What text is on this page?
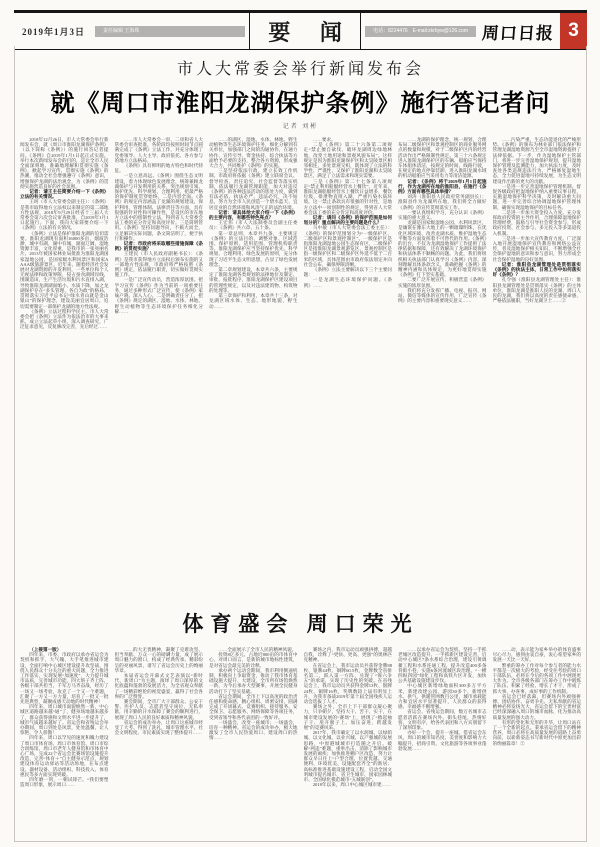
2019年1月3日	责任编辑 王海珠	要 闻	电话：8224476　E-mail:zkrbyw@126.com 周口日报 3
市人大常委会举行新闻发布会
就《周口市淮阳龙湖保护条例》施行答记者问
记者 刘彬

2018年12月26日，市人大常委会举行新闻发布会，就《周口市淮阳龙湖保护条例》（以下简称《条例》）的施行回答记者提问。《条例》自2019年1月1日起正式实施。举行本次新闻发布会的目的，是让全市人民全面深刻地、准确地理解和贯彻实施《条例》，掀起学习宣传、贯彻实施《条例》的热潮，推动全社会增强遵守《条例》意识，增强保护龙湖的法治观念，为《条例》的贯彻实施营造良好的社会氛围。

记者：请王主任简要介绍一下《条例》立法的有关情况。

王珂（市人大常委会副主任）：《条例》是我市取得地方立法权以来制定的第二部地方性法规，2018年9月29日经省十三届人大常委会第六次会议审查批准，自2019年1月1日起施行。下面，我向大家简要介绍一下《条例》立法的有关情况。

《条例》立法是保护淮阳龙湖的迫切需要。淮阳龙湖现有面积16000多亩，烟波浩渺，城中有湖，湖中有城，湖面辽阔，湿地资源丰富，文化厚重，是我市的一张亮丽名片。2013年被国家林业局批准为淮阳龙湖国家湿地公园，是国家级水利风景区和国家AAAA级旅游景区。近年来，随着经济社会发展对龙湖资源的开发利用，一些单位和个人无视法律和政策界限，侵占蚕食湖域岸线，围湖造田，生产生活垃圾和污水直排入湖，导致淮阳龙湖湖面缩小、水质下降，加之龙湖保护存在“多头管理、各自为政”的格局，贯彻落实习近平总书记“绿水青山就是金山银山”的保护理念，建设美丽宜居周口，迫切需要制定一部保护龙湖的地方性法规。

《条例》立法过程科学民主。市人大常委会把《条例》立法作为依法治市的大事来抓，成立立法起草小组，深入调查研究，广泛征求意见，反复修改完善，先后经过……

……市人大常委会一审、二审和省人大常委会审查批准，各阶段均按照时间节点圆满完成了《条例》立法工作，并充分体现了党委领导、人大主导、政府依托、各方参与的地方立法格局。

《条例》具有鲜明的地方特色和时代特征。

一是立意高远。《条例》围绕生态文明建设，着力体现绿色发展理念，统筹兼顾龙湖保护与开发利用的关系，突出规划引领、保护优先、科学规划、合理利用，把最严格的保护制度贯穿始终。二是内容全面。《条例》的规定内容涵盖了龙湖的规划建设、保护利用、管理体制、法律责任等方面，具有很强的针对性和可操作性，是设区的市在地方立法中的创制性立法，得到省人大常委会法工委的充分肯定和高度评价。三是简明管用。《条例》坚持问题导向，不搞大而全，立足解决实际问题，条文简洁明了，便于执行和操作。

记者：市政府将采取哪些措施保障《条例》的贯彻实施？

王建民（市人民政府副秘书长）：《条例》是我市获得地方立法权后颁布实施的又一部地方性法规，市政府将严格按照《条例》规定，依法履行职责，切实做好贯彻实施工作。

一是广泛宣传动员，营造浓厚氛围。把学习宣传《条例》作为当前的一项重要任务，通过多种形式广泛宣传，使《条例》家喻户晓、深入人心。二是明确责任分工，把《条例》规定的湖区、湿地、水体、林地、野生动植物等生态环境保护任务细化分解……

……的湖区、湿地、水体、林地、野生动植物等生态环境保护任务，细化分解到有关单位，加强部门之间的沟通协作，在通力协作、宣传引导、资金扶持、综合执法等方面给予必要的支持，整合各方资源，形成强大合力，共同维护《条例》的实施。

三是坚持依法行政，建立长效工作机制。市政府将依据《条例》建立联席会议、督导检查、责任追究、社会监督等落实机制，依法履行龙湖管理职能，加大对违反《条例》的各种违法活动的惩处力度，做到有法必依、执法必严、违法必究，决不姑息，努力为全市人民创造一个碧水蓝天、宜居宜业的自然环境和风清气正的法治环境。

记者：请具体给大家介绍一下《条例》的主要内容，有哪些特色亮点？

王宏伟（市人大法制委员会副主任委员）：《条例》共六章、五十条。

第一章总则，本章共九条，主要规定《条例》的立法目的、调整对象、区域范围、保护原则、适用范围、管理机构职责等。淮阳龙湖保护应当坚持保护优先、科学规划、合理利用、绿色发展的原则，充分体现了习近平生态文明思想，凸显了绿色发展理念。

第二章规划建设，本章共六条，主要规定了淮阳龙湖各类规划的法律地位及制定、审批、报批程序，淮阳龙湖保护区建设项目的管理性规定，以及对违法建筑物、构筑物的处理等。

第三章保护和利用，本章共十三条，对龙湖区域水体、生态、地形地貌、野生动……

……要求。

二是《条例》第二十六条第二项规定“禁止擅自砍伐、破坏龙湖周边绿地林地，改变土地用途和景观风貌布局”。这样规定是因为淮阳龙湖保护区和太昊陵景区相邻相连，多处景观交织，既体现了立法的科学性、严谨性，又保护了淮阳龙湖和太昊陵景区，满足了立法需求和现实需要。

三是《条例》第二十七条第八项规定“禁止利用船艇经营水上餐饮”。近年来，淮阳龙湖船艇经营水上餐饮日益增多，餐饮垃圾、排泄物直排入湖，严重污染水质环境。这一禁止条款具有很强的针对性，是地方立法中一项创制性的规定，得到省人大常委会法工委的充分肯定和高度评价。

记者：请问《条例》的保护范围是如何划分的？重点解决的主要问题是什么？

马中敏（市人大常委会法工委主任）：《条例》的保护范围划分为“一级保护区、二级保护区和景观控制区”。一级保护区是指淮阳龙湖湿地公园生态保育区，二级保护区是指淮阳龙湖景观游览区，景观控制区是指一级保护区和二级保护区外延不低于二百米的区域，具体范围由市政府依法划定并向社会公布，确保界限清晰。

《条例》立法主要解决以下三个主要问题：

一是龙湖生态环境保护问题。《条例》……

……龙湖的保护理念，统一规划，合理布局二级保护区和景观控制区的商业服务网点的数量和规模，对于二级保护区内的经营活动作出严格限制性规定。第三十六条规定进入淮阳龙湖保护区的车辆、船舶应当保持车体船体清洁，按规定的时间、线路行驶，在规定的地点停靠装卸，进入淮阳龙湖水域的机动船舶应当采用电力等清洁能源。

记者：《条例》将于2019年1月1日起施行，作为龙湖所在地的淮阳县，在施行《条例》方面有哪些具体举措？

刘涛（淮阳县人民政府常务副县长）：淮阳县作为龙湖所在地，我们将全力做好《条例》的宣传贯彻落实工作。

一要认真组织学习，充分认识《条例》实施的重大意义。

龙湖是国家级湿地公园、水利风景区，是镶嵌在豫东大地上的一颗璀璨明珠，在优化区域环境、改善龙湖水质、维护湿地生态平衡等方面发挥着不可替代的作用。《条例》的出台，不仅为龙湖湿地保护工作提供了法律依据和保障，还有效解决了龙湖环境保护和执法体系不顺畅的问题。为此，我们将组织相关执法部门认真学习《条例》内容，深刻理解具体条款含义，准确把握《条例》的精神内涵和具体规定，为更好地贯彻实施《条例》打下坚实基础。

二要广泛开展宣传，积极营造《条例》实施的浓厚氛围。

我们将充分发挥广播、电视、报刊、网站、微信等媒体的宣传作用，广泛宣传《条例》的主要内容和重要现实意义……

……污染严重、生态功能退化的严峻形势。《条例》的颁布为林业部门依法保护和管理龙湖湿地资源乃至全市湿地资源提供了法律依据。下一步，作为湿地保护主管部门，将进一步完善湿地保护规划，提升湿地保护管理及监测能力，加大执法力度，及时查处各类违规违法行为，严格修复湿地生态，全力促进湿地可持续发展，为生态文明建设作出新的更大的贡献。

一是进一步完善湿地保护管理机制。督促各级政府把湿地保护纳入重要议事日程，实施湿地保护科学决策，及时解决重大问题，进一步完善综合协调湿地保护管理体制，确保实现湿地保护的目标任务。

二是进一步加大资金投入力度。充分发挥政府投资的主导作用，合理保障湿地保护管理经费，鼓励与引导社会资金参与，形成政府投资、社会参与、多元投入等多渠道投入机制。

三是进一步加大宣传教育力度。广泛深入地开展湿地保护宣传教育和网络公益宣传，普及湿地保护相关知识，不断增强全社会保护湿地的意识和参与意识，努力形成全社会保护湿地的良好氛围。

记者：淮阳县龙湖管理处是贯彻落实《条例》的执法主体，日常工作中如何落实好《条例》？

孔令强（淮阳县龙湖管理处主任）：淮阳县龙湖管理处是贯彻落实《条例》的主体单位，淮阳龙湖是淮阳人民的龙湖、周口人民的龙湖，我们将以高度的责任感使命感，严格依法履职，当好龙湖卫士……②

体育盛会 周口荣光

（上接第一版）

四年来，市委、市政府以承办省运会为契机和抓手，大气魄、大手笔推进城市建设，全面打响中心城区建设提升攻坚战，围绕人民群众十分关注的重大问题，全力推进工作落实，实现发展“加速度”，大力提升城市品质，完善城市功能。四大班子齐上阵，各级干部共担当，千军万马齐奋战，经历了一场又一场考验，攻克了一个又一个难题，汇聚了一方又一方力量，培育了一批又一批先进典型，凝聚成感天动地的时代精神！

四年来，周口城市面貌焕然一新，中心城区道路越来越“通”了，健身场地越来越多了，群众获得感和文明水平进一步提升了，城市气质越来越好了。省运会和省残运会举办期间，周口到处是风景，处处温馨，让人惊艳、令人骄傲！

四年来，周口以罕见的速度和魄力建设了周口市体育场、周口市体育馆、周口市综合训练馆、周口市老年人健身馆和市体育中心广场，完成22个省运会比赛场馆设施提升改造，完善“体育＋”自主健身示范点，规划建设体育运动驿站等活动场地，在布点建设、器材设备、活动组织、科技投入、体育惠民等多方面实现突破。

四年磨一剑，一朝试锋芒。“我们要塑造周口形象，展示周口……

……的大无畏精神，凝聚了克难攻坚、担当奉献、万众一心的磅礴力量，成了展示周口魅力的窗口，构成了经典传承、精彩纷呈的亮丽风景，谱写了省运会历史上的绚丽华章。

本届省运会开幕式文艺表演以“新时代、新周口”为主题，演绎了周口深厚的文化底蕴和蓬勃的发展活力，为全省观众奉献了一场精彩绝伦的视觉盛宴，赢得了社会各界的广泛赞誉。

赛会期间，全市广大干部群众、公安干警、医护人员、志愿者坚守岗位、无私奉献，用辛勤的汗水保障了赛会的顺利进行，展现了周口人民的良好素质和精神风貌。

省运会的成功举办，让周口这座城市经受了大考、得到了洗礼，城市管理水平、社会文明程度、市民素质实现了整体提升……

……全面展示了全市人民的精神风貌。

投资8亿多元、占地近800亩的市体育中心，对周口而言，是新的城市地标性建筑，是对省运会最完美的诠释。

承办两个运动会期间，我市利用倒逼机制，积极向上争取资金，推动了我市体育基础设施大提升、大建设，全市所有场馆焕然一新，为今后承办大型赛事、开展全民健身活动打下了坚实基础。

省运会期间，全市上下以高度的政治责任感和使命感，精心组织、周密安排，圆满完成了开闭幕式、竞赛组织、接待服务、安全保卫、志愿服务、网络保障等各项任务，受到省领导和各代表团的一致好评。

一场盛会，改变一座城市；一场盛会，培育一种精神。省运会的成功举办，极大地激发了全市人民热爱周口、建设周口的热情……

赛场之内，我市运动员顽强拼搏，超越自我，诠释了“更快、更高、更强”的奥林匹克精神。

在省运会上，我市运动员共获得金牌88枚、银牌44枚、铜牌60.5枚，金牌数全省排名第二，跃入第一方阵，兑现了“保六争五”的承诺，实现了历史性的突破。在省残运会上，我市运动员共获得金牌13枚、银牌24枚、铜牌16枚，奖牌数较上届有明显上升，为我市备战2019年第十届全国残疾人运动会选拔了人才。

赛场之外，全市上下干部群众凝心聚力，只争朝夕，坚持大干、苦干、实干，在城市建设发展的“赛场”上，展现了“撸起袖子干、甩开膀子上、加压奋进、跨越发展”的竞赛风采。

2017年，我市确定了以水润城、以绿荫城、以文化城、以业兴城、以产强城的发展思路，中原港城城市打造随之开启。破解“两违”难题，重拳出击，消除了影响城市发展的顽疾；加快推进棚户区改造，努力让群众早日住上“户型合理、位置优越、交通便利、环境优美、设施配套齐全”的新居；高标准推进基础设施建设工程，启动全国文明城市提名城市、省卫生城市、国家园林城市、全国绿化模范城市“五城联创”。

2018年以来，周口中心城区城市建……

……以承办省运会为契机，坚持一手抓老城区改造提升、一手抓新区建设完善，启动中心城区7条水系综合治理，建设引黄调蓄工程和水系连通工程，提升改造400多条背街小巷，实施6条河流城区段治理、“一横四纵四园”绿化工程和高铁片区开发，加快公共基础设施建设步伐。

中心城区新增绿地面积300多万平方米，新建改建公园、游园30多个，新增供水、供气、供暖管网数百公里，城市承载能力和宜居水平显著提升，人民群众的获得感、幸福感不断增强。

省运会、省残运会期间，数万名城市志愿者活跃在赛场内外、街头巷尾，热情好客、文明有序，给各代表团和八方宾朋留下了深刻印象。

办好一个会，提升一座城。借省运会东风，周口的城市知名度、美誉度和影响力大幅提升，招商引资、文化旅游等各项事业蓬勃发展……

……动，表示能为家乡举办的体育盛事尽心尽力，感到由衷自豪，衷心希望家乡的发展一天比一天好。

繁重的筹办工作对每个参与者的能力水平都是一次极大的考验，经受住考验的周口干部队伍，必将在今后的各项工作中展现更大作为。全市各级各部门在筹办工作中锻炼了队伍、积累了经验、增长了才干，形成了抓大事、办喜事、成好事的工作机制。

省运会已经落幕，但赛场内外顽强拼搏、团结协作、奋勇争先、无私奉献的省运精神必将发扬光大，省运会留下的宝贵财富已经深深融入周口的城市血脉，化为推动高质量发展的强大动力。

有形的变化和无形的升华，让周口站在了一个全新的起点。秉承省运会留下的精神营养，周口必将在高质量发展的道路上奋勇向前，以崭新姿态书写新时代中原更加出彩的绚丽篇章！②
